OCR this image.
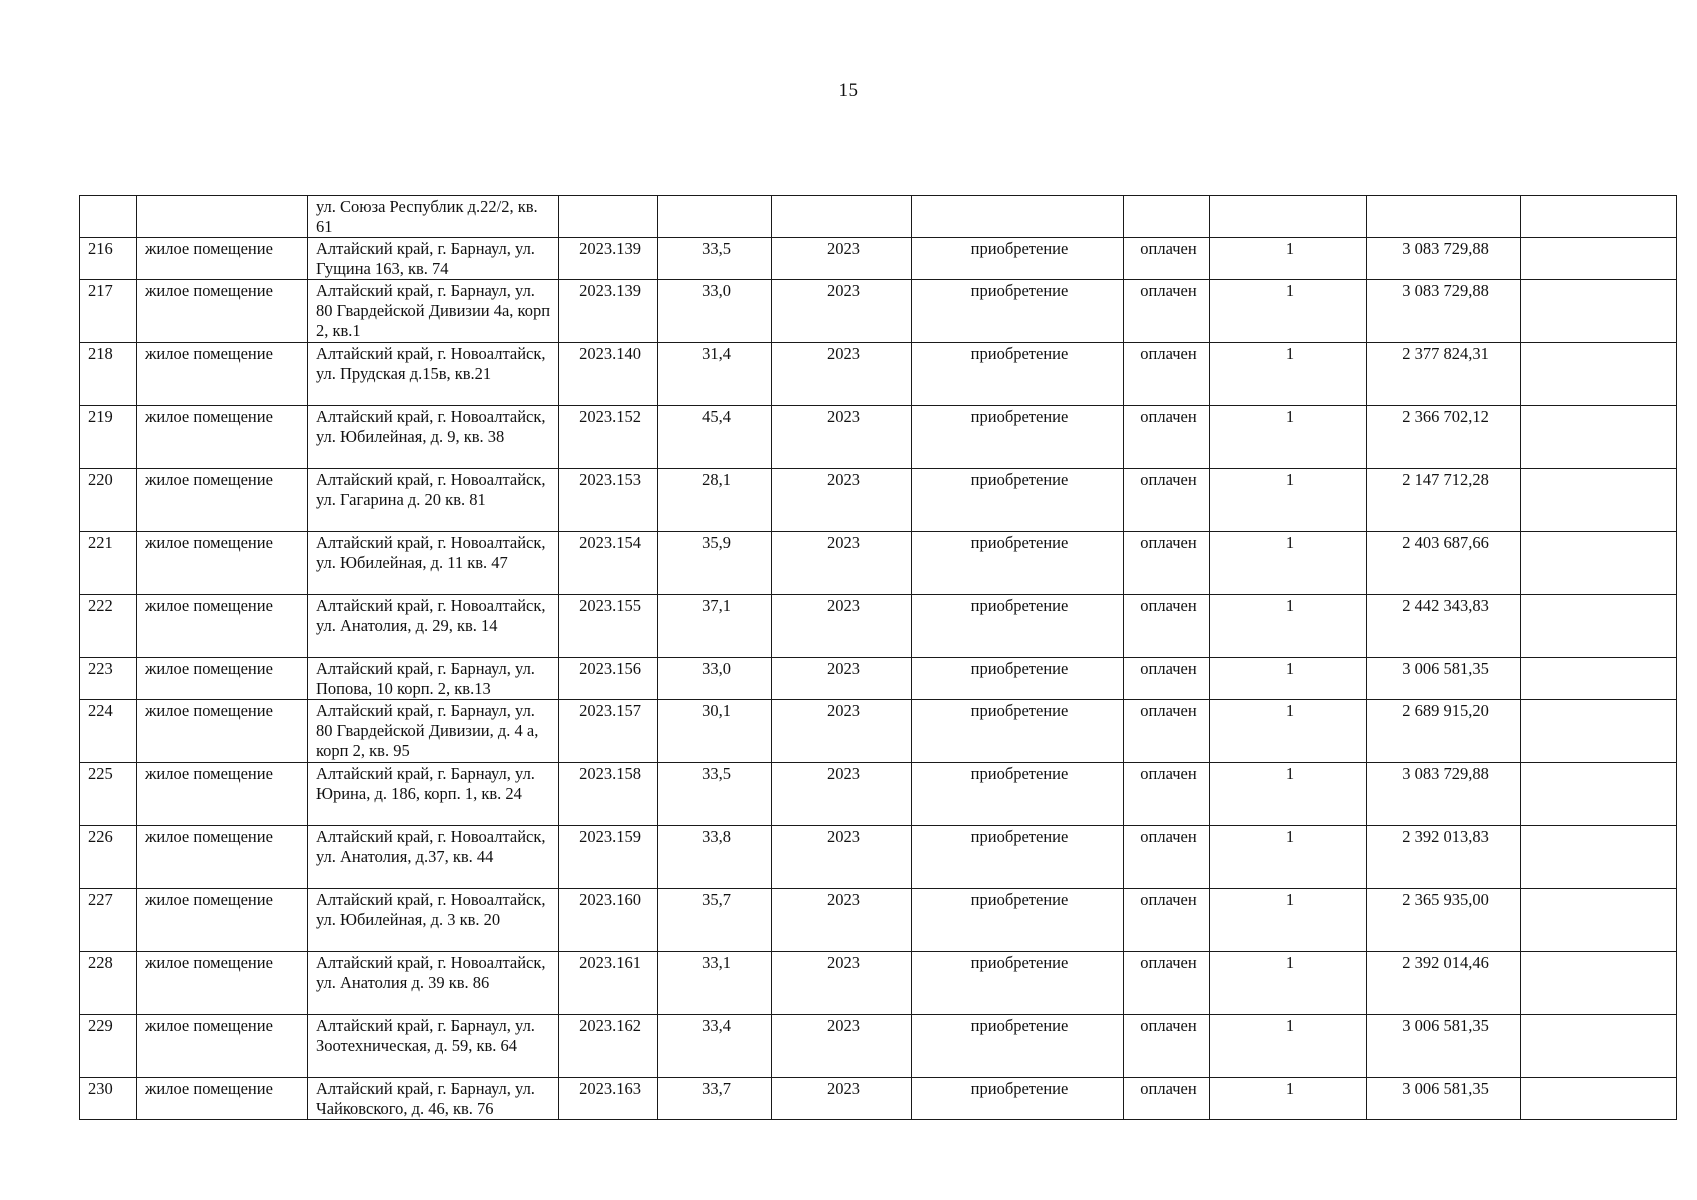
15
		ул. Союза Республик д.22/2, кв. 61								
216	жилое помещение	Алтайский край, г. Барнаул, ул. Гущина 163, кв. 74	2023.139	33,5	2023	приобретение	оплачен	1	3 083 729,88	
217	жилое помещение	Алтайский край, г. Барнаул, ул. 80 Гвардейской Дивизии 4а, корп 2, кв.1	2023.139	33,0	2023	приобретение	оплачен	1	3 083 729,88	
218	жилое помещение	Алтайский край, г. Новоалтайск, ул. Прудская д.15в, кв.21	2023.140	31,4	2023	приобретение	оплачен	1	2 377 824,31	
219	жилое помещение	Алтайский край, г. Новоалтайск, ул. Юбилейная, д. 9, кв. 38	2023.152	45,4	2023	приобретение	оплачен	1	2 366 702,12	
220	жилое помещение	Алтайский край, г. Новоалтайск, ул. Гагарина д. 20 кв. 81	2023.153	28,1	2023	приобретение	оплачен	1	2 147 712,28	
221	жилое помещение	Алтайский край, г. Новоалтайск, ул. Юбилейная, д. 11 кв. 47	2023.154	35,9	2023	приобретение	оплачен	1	2 403 687,66	
222	жилое помещение	Алтайский край, г. Новоалтайск, ул. Анатолия, д. 29, кв. 14	2023.155	37,1	2023	приобретение	оплачен	1	2 442 343,83	
223	жилое помещение	Алтайский край, г. Барнаул, ул. Попова, 10 корп. 2, кв.13	2023.156	33,0	2023	приобретение	оплачен	1	3 006 581,35	
224	жилое помещение	Алтайский край, г. Барнаул, ул. 80 Гвардейской Дивизии, д. 4 а, корп 2, кв. 95	2023.157	30,1	2023	приобретение	оплачен	1	2 689 915,20	
225	жилое помещение	Алтайский край, г. Барнаул, ул. Юрина, д. 186, корп. 1, кв. 24	2023.158	33,5	2023	приобретение	оплачен	1	3 083 729,88	
226	жилое помещение	Алтайский край, г. Новоалтайск, ул. Анатолия, д.37, кв. 44	2023.159	33,8	2023	приобретение	оплачен	1	2 392 013,83	
227	жилое помещение	Алтайский край, г. Новоалтайск, ул. Юбилейная, д. 3 кв. 20	2023.160	35,7	2023	приобретение	оплачен	1	2 365 935,00	
228	жилое помещение	Алтайский край, г. Новоалтайск, ул. Анатолия д. 39 кв. 86	2023.161	33,1	2023	приобретение	оплачен	1	2 392 014,46	
229	жилое помещение	Алтайский край, г. Барнаул, ул. Зоотехническая, д. 59, кв. 64	2023.162	33,4	2023	приобретение	оплачен	1	3 006 581,35	
230	жилое помещение	Алтайский край, г. Барнаул, ул. Чайковского, д. 46, кв. 76	2023.163	33,7	2023	приобретение	оплачен	1	3 006 581,35	
